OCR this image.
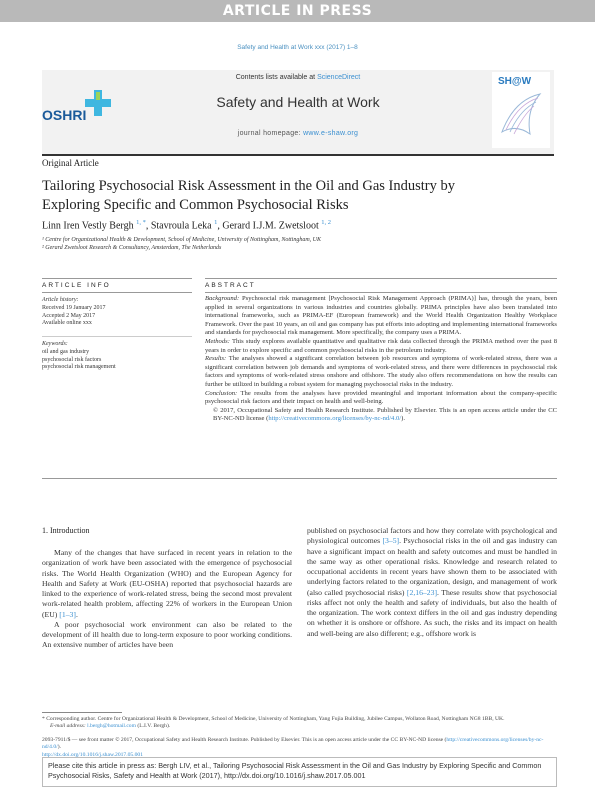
ARTICLE IN PRESS
Safety and Health at Work xxx (2017) 1–8
OSHRI
Contents lists available at ScienceDirect
Safety and Health at Work
journal homepage: www.e-shaw.org
SH@W
Original Article
Tailoring Psychosocial Risk Assessment in the Oil and Gas Industry by
Exploring Specific and Common Psychosocial Risks
Linn Iren Vestly Bergh $^{1, *}$, Stavroula Leka $^1$, Gerard I.J.M. Zwetsloot $^{1, 2}$
¹ Centre for Organizational Health & Development, School of Medicine, University of Nottingham, Nottingham, UK
² Gerard Zwetsloot Research & Consultancy, Amsterdam, The Netherlands
ARTICLE INFO	ABSTRACT
Article history:
Received 19 January 2017
Accepted 2 May 2017
Available online xxx
Keywords:
oil and gas industry
psychosocial risk factors
psychosocial risk management

Background: Psychosocial risk management [Psychosocial Risk Management Approach (PRIMA)] has, through the years, been applied in several organizations in various industries and countries globally. PRIMA principles have also been translated into international frameworks, such as PRIMA-EF (European framework) and the World Health Organization Healthy Workplace Framework. Over the past 10 years, an oil and gas company has put efforts into adopting and implementing international frameworks and standards for psychosocial risk management. More specifically, the company uses a PRIMA.

Methods: This study explores available quantitative and qualitative risk data collected through the PRIMA method over the past 8 years in order to explore specific and common psychosocial risks in the petroleum industry.

Results: The analyses showed a significant correlation between job resources and symptoms of work-related stress, there was a significant correlation between job demands and symptoms of work-related stress, and there were differences in psychosocial risk factors and symptoms of work-related stress onshore and offshore. The study also offers recommendations on how the results can further be utilized in building a robust system for managing psychosocial risks in the industry.

Conclusion: The results from the analyses have provided meaningful and important information about the company-specific psychosocial risk factors and their impact on health and well-being.

© 2017, Occupational Safety and Health Research Institute. Published by Elsevier. This is an open access article under the CC BY-NC-ND license (http://creativecommons.org/licenses/by-nc-nd/4.0/).

1. Introduction

Many of the changes that have surfaced in recent years in relation to the organization of work have been associated with the emergence of psychosocial risks. The World Health Organization (WHO) and the European Agency for Health and Safety at Work (EU-OSHA) reported that psychosocial hazards are linked to the experience of work-related stress, being the second most prevalent work-related health problem, affecting 22% of workers in the European Union (EU) [1–3].

A poor psychosocial work environment can also be related to the development of ill health due to long-term exposure to poor working conditions. An extensive number of articles have been

published on psychosocial factors and how they correlate with psychological and physiological outcomes [3–5]. Psychosocial risks in the oil and gas industry can have a significant impact on health and safety outcomes and must be handled in the same way as other operational risks. Knowledge and research related to occupational accidents in recent years have shown them to be associated with underlying factors related to the organization, design, and management of work (also called psychosocial risks) [2,16–23]. These results show that psychosocial risks affect not only the health and safety of individuals, but also the health of the organization. The work context differs in the oil and gas industry depending on whether it is onshore or offshore. As such, the risks and its impact on health and well-being are also different; e.g., offshore work is

* Corresponding author. Centre for Organizational Health & Development, School of Medicine, University of Nottingham, Yang Fujia Building, Jubilee Campus, Wollaton Road, Nottingham NG8 1BB, UK.
E-mail address: l.bergh@hotmail.com (L.I.V. Bergh).
2093-7911/$ — see front matter © 2017, Occupational Safety and Health Research Institute. Published by Elsevier. This is an open access article under the CC BY-NC-ND license (http://creativecommons.org/licenses/by-nc-nd/4.0/).
http://dx.doi.org/10.1016/j.shaw.2017.05.001
Please cite this article in press as: Bergh LIV, et al., Tailoring Psychosocial Risk Assessment in the Oil and Gas Industry by Exploring Specific and Common Psychosocial Risks, Safety and Health at Work (2017), http://dx.doi.org/10.1016/j.shaw.2017.05.001
